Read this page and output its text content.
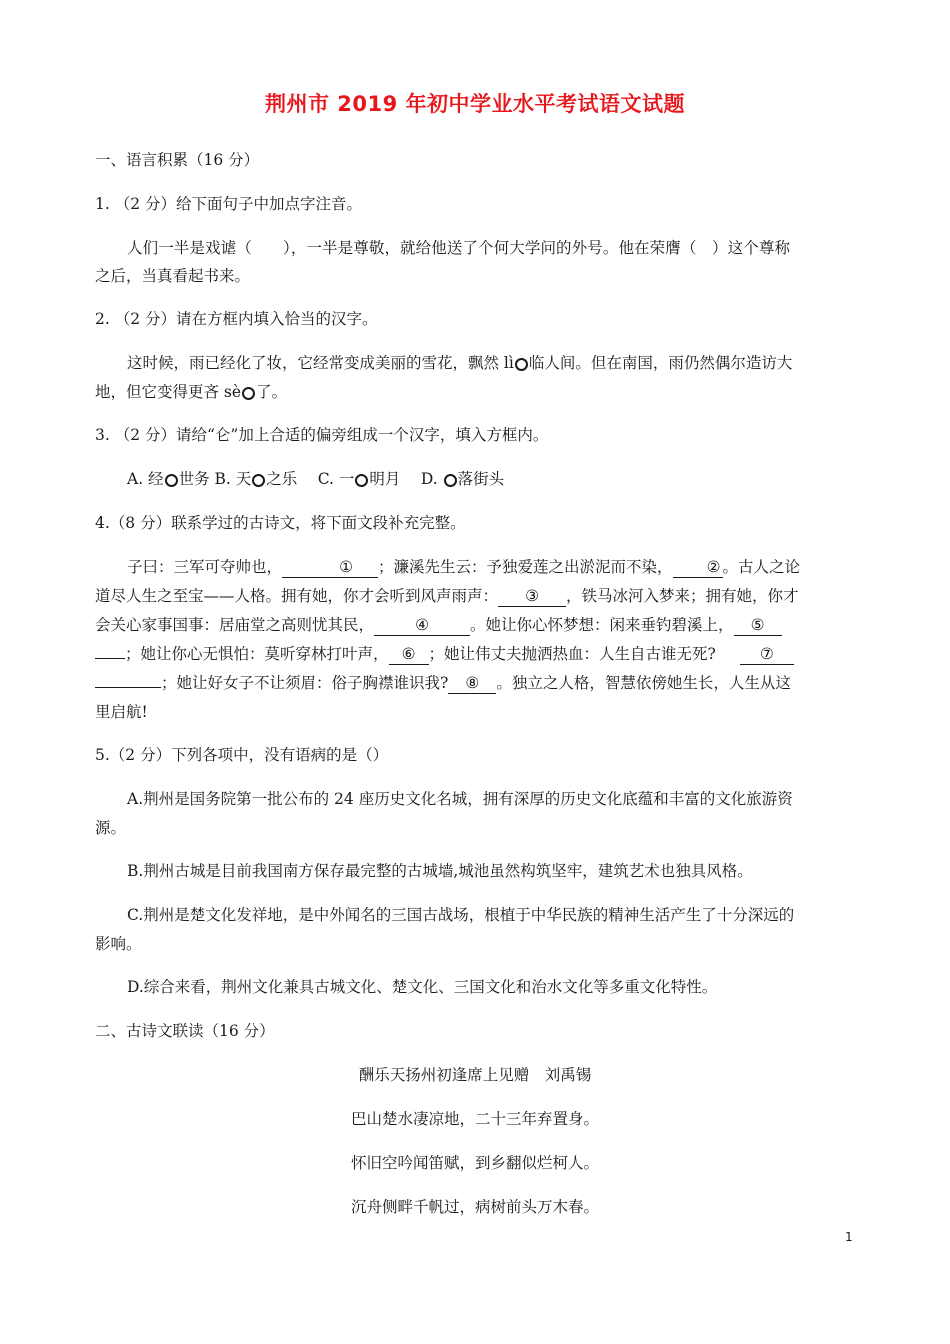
荆州市 2019 年初中学业水平考试语文试题
一、语言积累（16 分）
1. （2 分）给下面句子中加点字注音。
人们一半是戏谑（　　），一半是尊敬，就给他送了个何大学问的外号。他在荣膺（　）这个尊称
之后，当真看起书来。
2. （2 分）请在方框内填入恰当的汉字。
这时候，雨已经化了妆，它经常变成美丽的雪花，飘然 lì 临人间。但在南国，雨仍然偶尔造访大
地，但它变得更吝 sè 了。
3. （2 分）请给“仑”加上合适的偏旁组成一个汉字，填入方框内。
A. 经 世务 B. 天 之乐 　C. 一 明月 　D. 落街头
4.（8 分）联系学过的古诗文，将下面文段补充完整。
子曰：三军可夺帅也，	① ；濂溪先生云：予独爱莲之出淤泥而不染， ② 。古人之论
道尽人生之至宝——人格。拥有她，你才会听到风声雨声： ③ ，铁马冰河入梦来；拥有她，你才
会关心家事国事：居庙堂之高则忧其民，	④	。她让你心怀梦想：闲来垂钓碧溪上， ⑤
；她让你心无惧怕：莫听穿林打叶声， ⑥ ；她让伟丈夫抛洒热血：人生自古谁无死?	⑦
；她让好女子不让须眉：俗子胸襟谁识我? ⑧ 。独立之人格，智慧依傍她生长，人生从这
里启航!
5.（2 分）下列各项中，没有语病的是（）
A.荆州是国务院第一批公布的 24 座历史文化名城，拥有深厚的历史文化底蕴和丰富的文化旅游资
源。
B.荆州古城是目前我国南方保存最完整的古城墙,城池虽然构筑坚牢，建筑艺术也独具风格。
C.荆州是楚文化发祥地，是中外闻名的三国古战场，根植于中华民族的精神生活产生了十分深远的
影响。
D.综合来看，荆州文化兼具古城文化、楚文化、三国文化和治水文化等多重文化特性。
二、古诗文联读（16 分）
酬乐天扬州初逢席上见赠　刘禹锡
巴山楚水凄凉地，二十三年弃置身。
怀旧空吟闻笛赋，到乡翻似烂柯人。
沉舟侧畔千帆过，病树前头万木春。
1
